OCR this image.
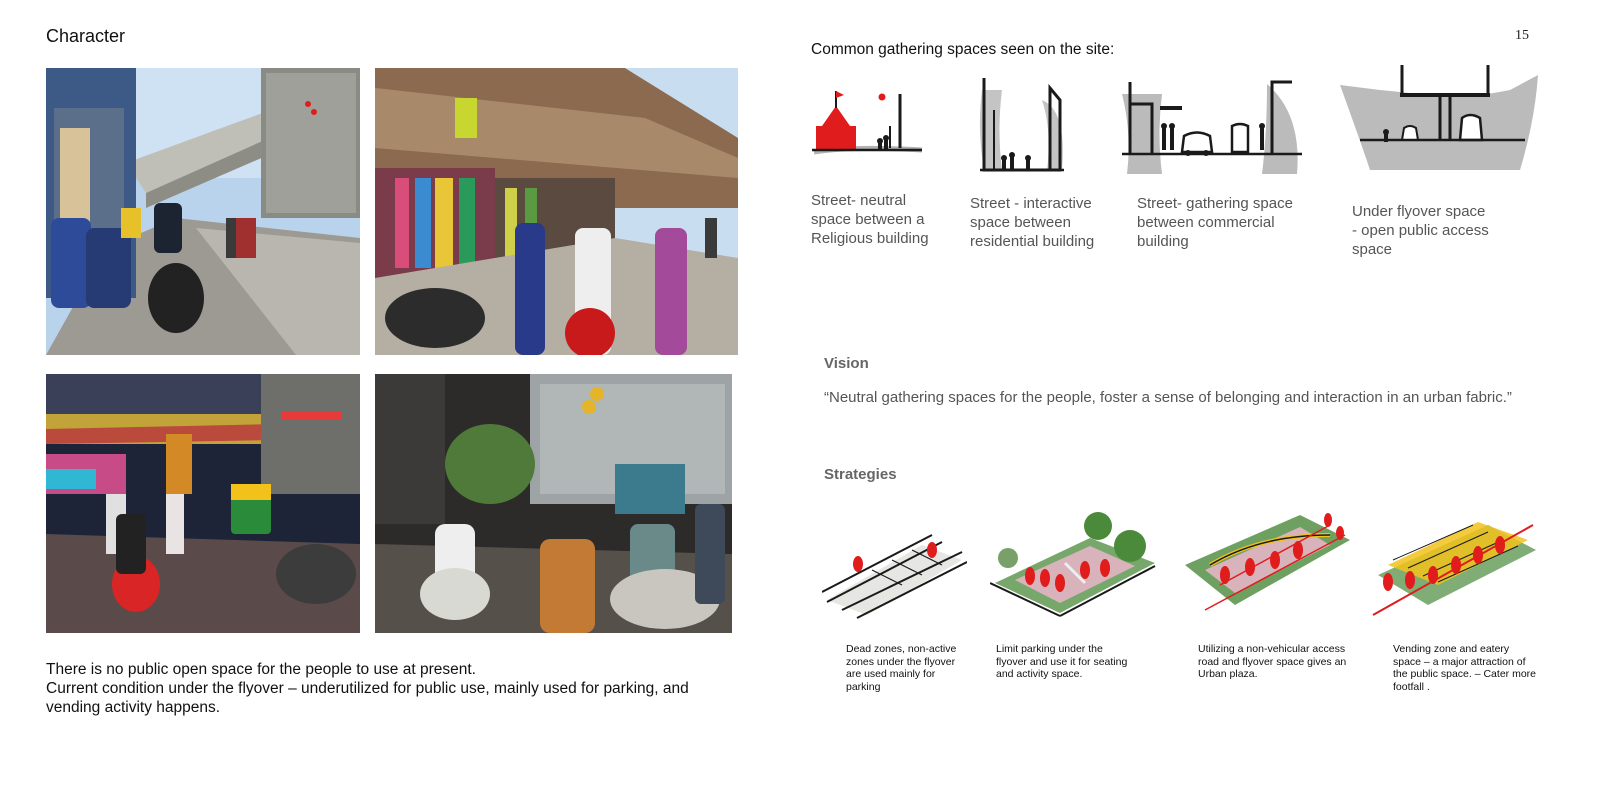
Character	15
There is no public open space for the people to use at present.
Current condition under the flyover – underutilized for public use, mainly used for parking, and
vending activity happens.
Common gathering spaces seen on the site:
Street- neutral
space between a
Religious building
Street - interactive
space between
residential building
Street- gathering space
between commercial
building
Under flyover space
- open public access
space
Vision
“Neutral gathering spaces for the people, foster a sense of belonging and interaction in an urban fabric.”
Strategies
Dead zones, non-active
zones under the flyover
are used mainly for
parking
Limit parking under the
flyover and use it for seating
and activity space.
Utilizing a non-vehicular access
road and flyover space gives an
Urban plaza.
Vending zone and eatery
space – a major attraction of
the public space. – Cater more
footfall .
